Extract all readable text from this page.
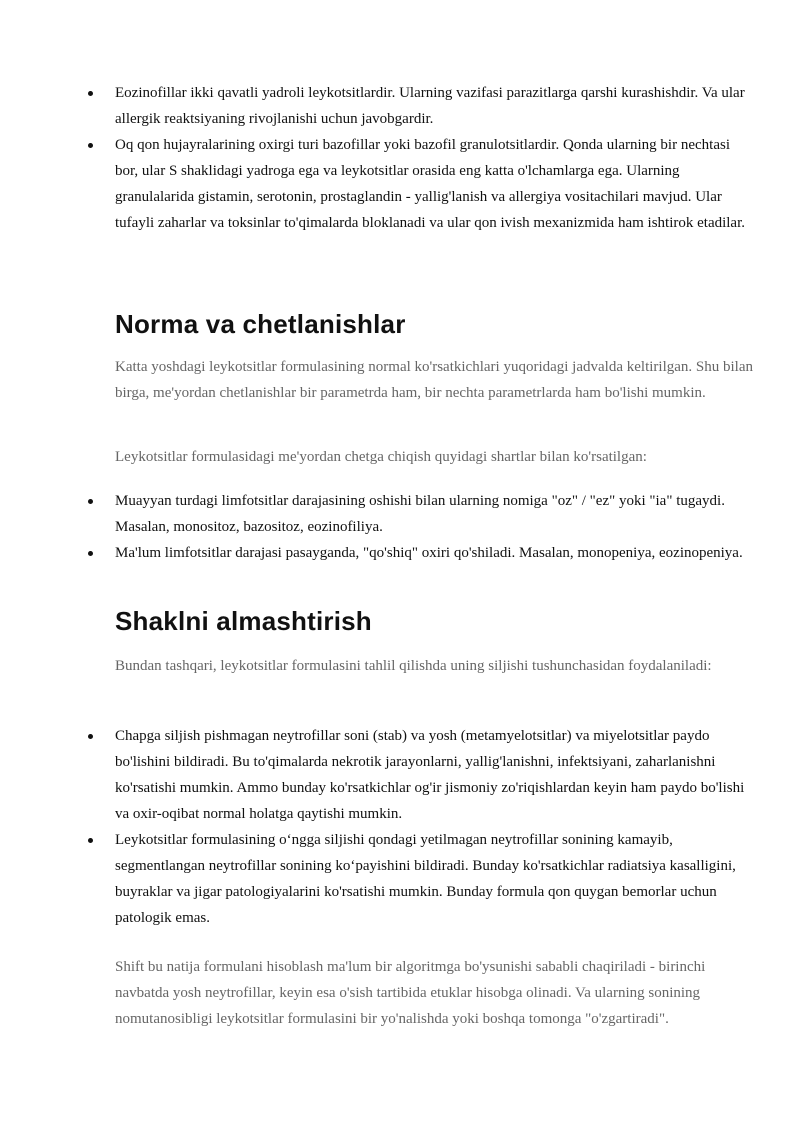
Eozinofillar ikki qavatli yadroli leykotsitlardir. Ularning vazifasi parazitlarga qarshi kurashishdir. Va ular allergik reaktsiyaning rivojlanishi uchun javobgardir.
Oq qon hujayralarining oxirgi turi bazofillar yoki bazofil granulotsitlardir. Qonda ularning bir nechtasi bor, ular S shaklidagi yadroga ega va leykotsitlar orasida eng katta o'lchamlarga ega. Ularning granulalarida gistamin, serotonin, prostaglandin - yallig'lanish va allergiya vositachilari mavjud. Ular tufayli zaharlar va toksinlar to'qimalarda bloklanadi va ular qon ivish mexanizmida ham ishtirok etadilar.
Norma va chetlanishlar

Katta yoshdagi leykotsitlar formulasining normal ko'rsatkichlari yuqoridagi jadvalda keltirilgan. Shu bilan birga, me'yordan chetlanishlar bir parametrda ham, bir nechta parametrlarda ham bo'lishi mumkin.

Leykotsitlar formulasidagi me'yordan chetga chiqish quyidagi shartlar bilan ko'rsatilgan:

Muayyan turdagi limfotsitlar darajasining oshishi bilan ularning nomiga "oz" / "ez" yoki "ia" tugaydi. Masalan, monositoz, bazositoz, eozinofiliya.
Ma'lum limfotsitlar darajasi pasayganda, "qo'shiq" oxiri qo'shiladi. Masalan, monopeniya, eozinopeniya.
Shaklni almashtirish

Bundan tashqari, leykotsitlar formulasini tahlil qilishda uning siljishi tushunchasidan foydalaniladi:

Chapga siljish pishmagan neytrofillar soni (stab) va yosh (metamyelotsitlar) va miyelotsitlar paydo bo'lishini bildiradi. Bu to'qimalarda nekrotik jarayonlarni, yallig'lanishni, infektsiyani, zaharlanishni ko'rsatishi mumkin. Ammo bunday ko'rsatkichlar og'ir jismoniy zo'riqishlardan keyin ham paydo bo'lishi va oxir-oqibat normal holatga qaytishi mumkin.
Leykotsitlar formulasining o‘ngga siljishi qondagi yetilmagan neytrofillar sonining kamayib, segmentlangan neytrofillar sonining ko‘payishini bildiradi. Bunday ko'rsatkichlar radiatsiya kasalligini, buyraklar va jigar patologiyalarini ko'rsatishi mumkin. Bunday formula qon quygan bemorlar uchun patologik emas.

Shift bu natija formulani hisoblash ma'lum bir algoritmga bo'ysunishi sababli chaqiriladi - birinchi navbatda yosh neytrofillar, keyin esa o'sish tartibida etuklar hisobga olinadi. Va ularning sonining nomutanosibligi leykotsitlar formulasini bir yo'nalishda yoki boshqa tomonga "o'zgartiradi".
